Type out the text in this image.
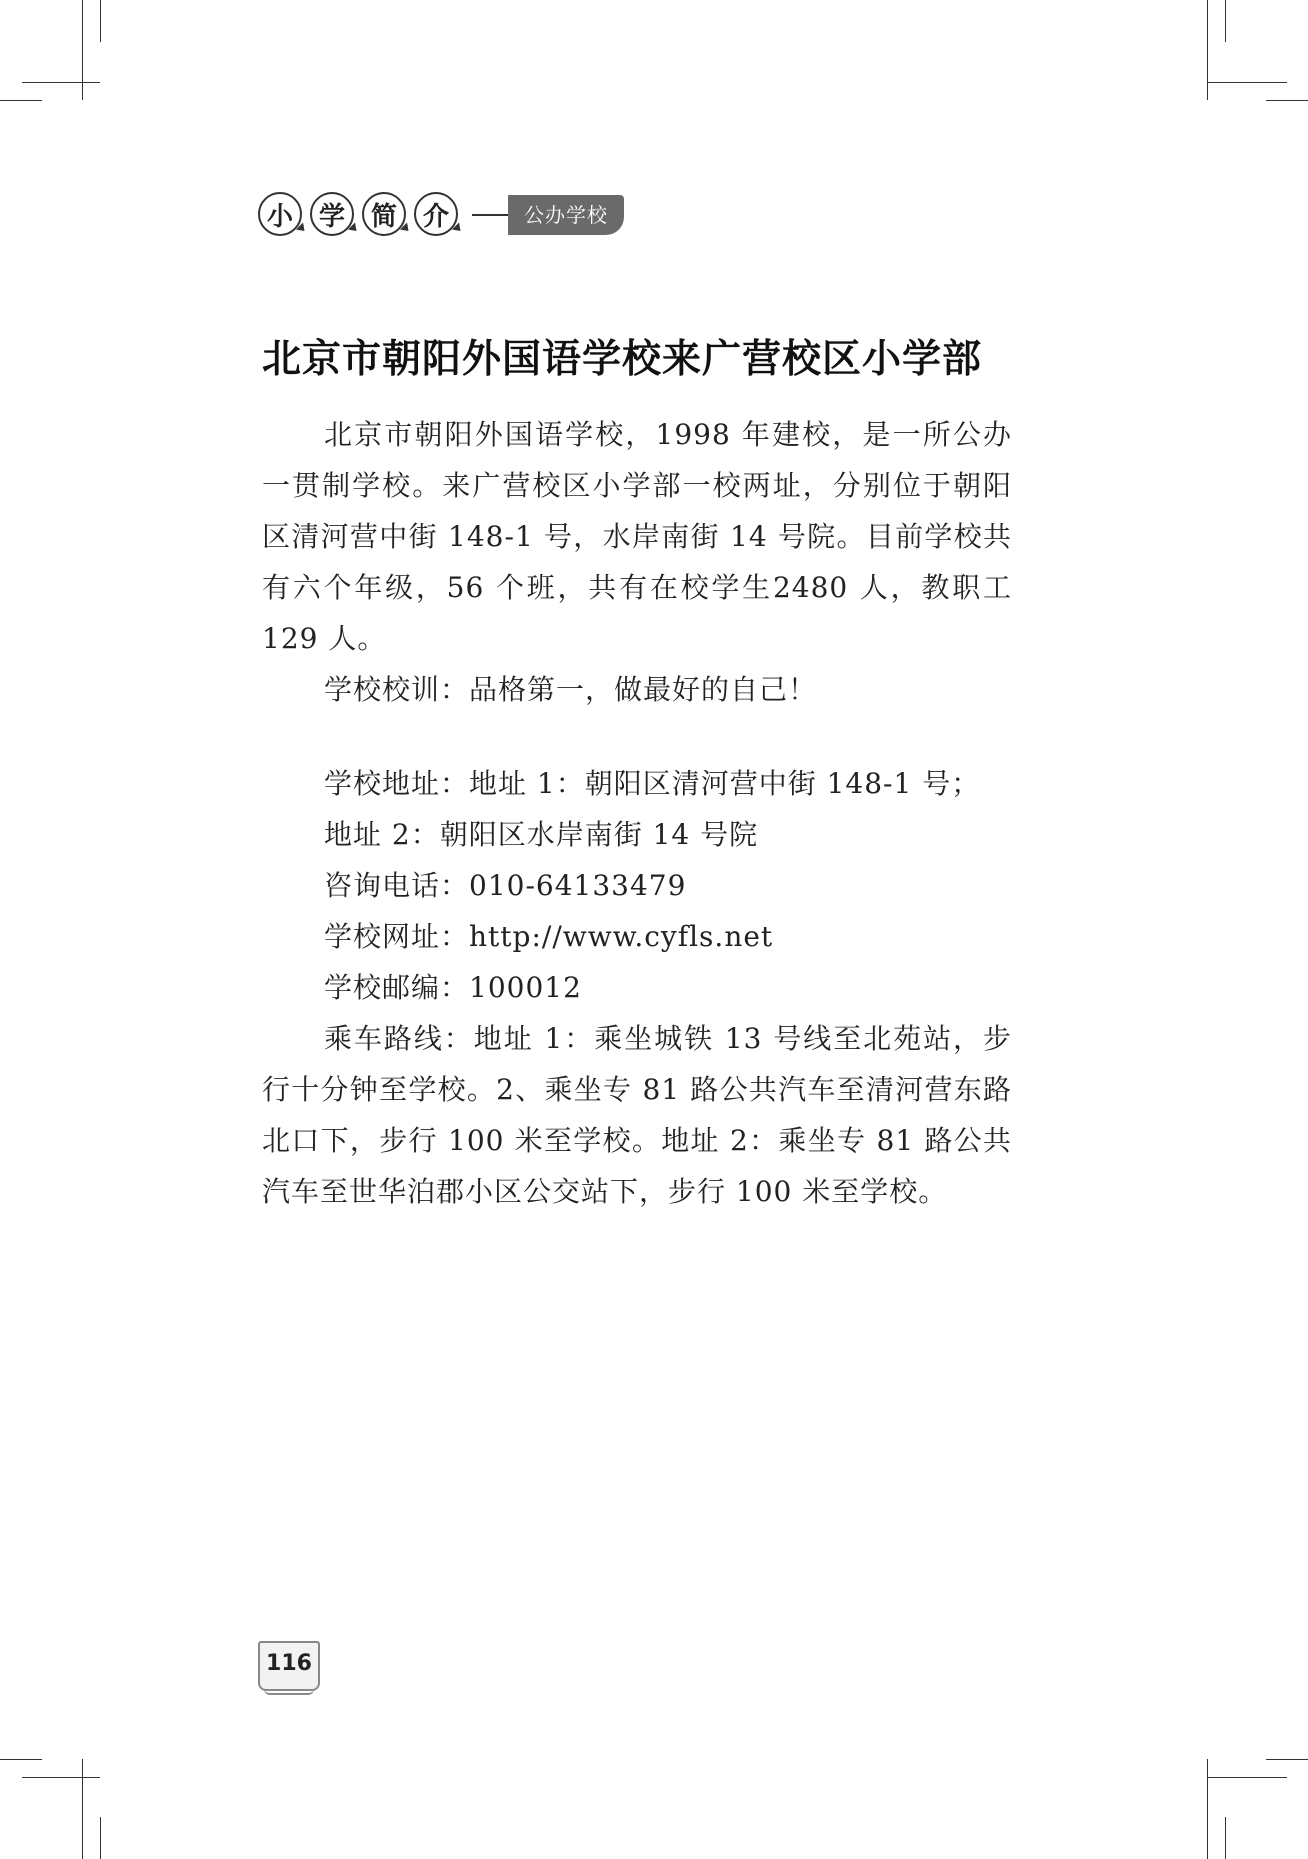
小 学 简 介	公办学校
北京市朝阳外国语学校来广营校区小学部

北京市朝阳外国语学校，1998 年建校，是一所公办一贯制学校。来广营校区小学部一校两址，分别位于朝阳区清河营中街 148-1 号，水岸南街 14 号院。目前学校共有六个年级，56 个班，共有在校学生2480 人，教职工 129 人。

学校校训：品格第一，做最好的自己！

学校地址：地址 1：朝阳区清河营中街 148-1 号；

地址 2：朝阳区水岸南街 14 号院

咨询电话：010-64133479

学校网址：http://www.cyfls.net

学校邮编：100012

乘车路线：地址 1：乘坐城铁 13 号线至北苑站，步行十分钟至学校。2、乘坐专 81 路公共汽车至清河营东路北口下，步行 100 米至学校。地址 2：乘坐专 81 路公共汽车至世华泊郡小区公交站下，步行 100 米至学校。

116
